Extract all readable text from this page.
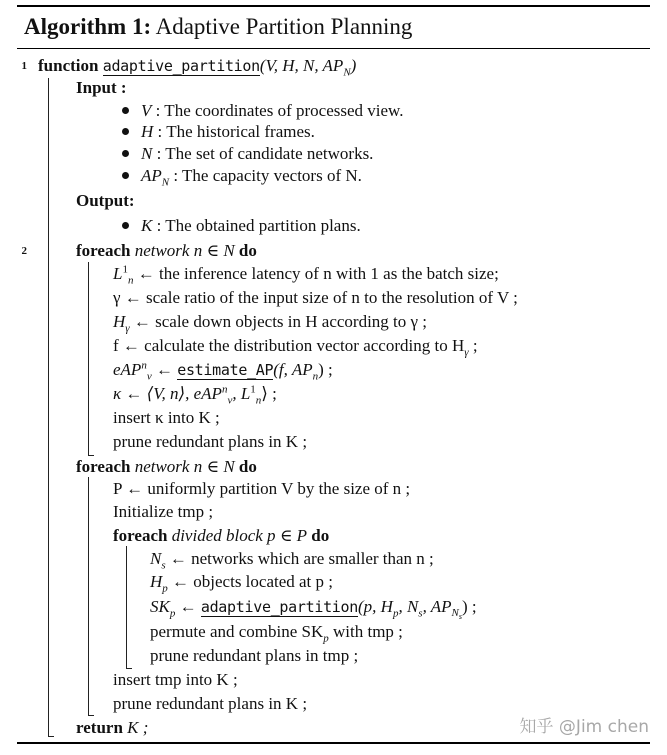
Algorithm 1: Adaptive Partition Planning
1 function adaptive_partition(V, H, N, $AP_N$)
Input :
V : The coordinates of processed view.
H : The historical frames.
N : The set of candidate networks.
$AP_N$ : The capacity vectors of N.
Output:
K : The obtained partition plans.
2	foreach network n ∈ N do
$L^1_n$ ← the inference latency of n with 1 as the batch size;
γ ← scale ratio of the input size of n to the resolution of V ;
$H_\gamma$ ← scale down objects in H according to γ ;
f ← calculate the distribution vector according to $H_\gamma$ ;
eAP$^n_v$ ← estimate_AP(f, $AP_n$) ;
κ ← ⟨V, n⟩, eAP$^n_v$, $L^1_n⟩$ ;
insert κ into K ;
prune redundant plans in K ;
foreach network n ∈ N do
P ← uniformly partition V by the size of n ;
Initialize tmp ;
foreach divided block p ∈ P do
$N_s$ ← networks which are smaller than n ;
$H_p$ ← objects located at p ;
$SK_p$ ← adaptive_partition(p, $H_p$, $N_s$, $AP_{N_s}$) ;
permute and combine $SK_p$ with tmp ;
prune redundant plans in tmp ;
insert tmp into K ;
prune redundant plans in K ;
return K ;	知乎 @Jim chen
